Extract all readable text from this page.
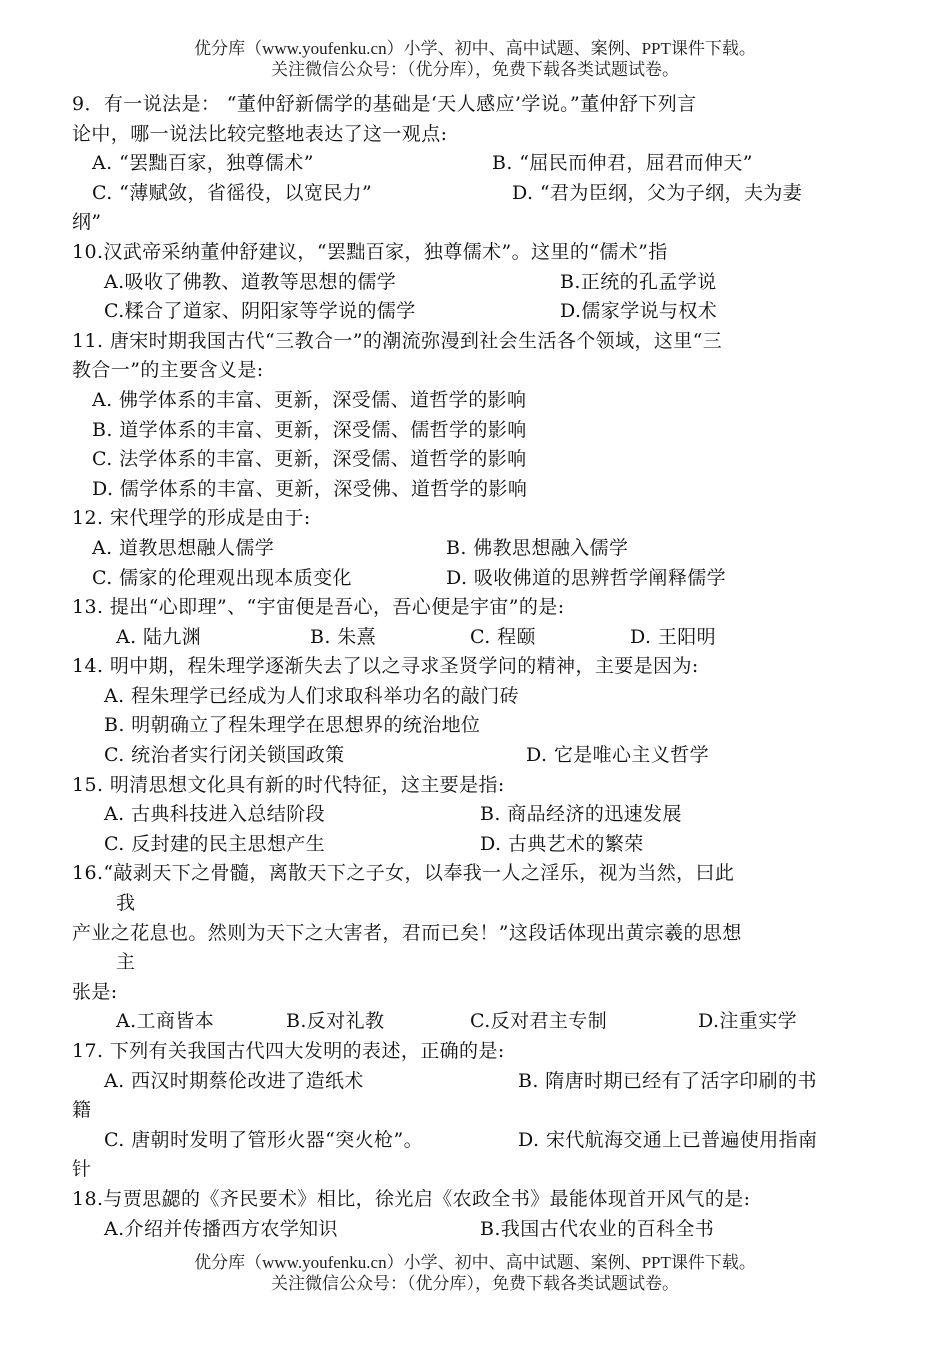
优分库（www.youfenku.cn）小学、初中、高中试题、案例、PPT课件下载。
关注微信公众号：（优分库），免费下载各类试题试卷。
9．有一说法是： “董仲舒新儒学的基础是‘天人感应’学说。”董仲舒下列言
论中，哪一说法比较完整地表达了这一观点:
A. “罢黜百家，独尊儒术”	B. “屈民而伸君，屈君而伸天”
C. “薄赋敛，省徭役，以宽民力”	D. “君为臣纲，父为子纲，夫为妻
纲”
10.汉武帝采纳董仲舒建议，“罢黜百家，独尊儒术”。这里的“儒术”指
A.吸收了佛教、道教等思想的儒学	B.正统的孔孟学说
C.糅合了道家、阴阳家等学说的儒学	D.儒家学说与权术
11. 唐宋时期我国古代“三教合一”的潮流弥漫到社会生活各个领域，这里“三
教合一”的主要含义是:
A. 佛学体系的丰富、更新，深受儒、道哲学的影响
B. 道学体系的丰富、更新，深受儒、儒哲学的影响
C. 法学体系的丰富、更新，深受儒、道哲学的影响
D. 儒学体系的丰富、更新，深受佛、道哲学的影响
12. 宋代理学的形成是由于:
A. 道教思想融人儒学	B. 佛教思想融入儒学
C. 儒家的伦理观出现本质变化	D. 吸收佛道的思辨哲学阐释儒学
13. 提出“心即理”、“宇宙便是吾心，吾心便是宇宙”的是:
A. 陆九渊	B. 朱熹	C. 程颐	D. 王阳明
14. 明中期，程朱理学逐渐失去了以之寻求圣贤学问的精神，主要是因为:
A. 程朱理学已经成为人们求取科举功名的敲门砖
B. 明朝确立了程朱理学在思想界的统治地位
C. 统治者实行闭关锁国政策	D. 它是唯心主义哲学
15. 明清思想文化具有新的时代特征，这主要是指:
A. 古典科技进入总结阶段	B. 商品经济的迅速发展
C. 反封建的民主思想产生	D. 古典艺术的繁荣
16.“敲剥天下之骨髓，离散天下之子女，以奉我一人之淫乐，视为当然，曰此
我
产业之花息也。然则为天下之大害者，君而已矣！”这段话体现出黄宗羲的思想
主
张是:
A.工商皆本	B.反对礼教	C.反对君主专制	D.注重实学
17. 下列有关我国古代四大发明的表述，正确的是:
A. 西汉时期蔡伦改进了造纸术	B. 隋唐时期已经有了活字印刷的书
籍
C. 唐朝时发明了管形火器“突火枪”。	D. 宋代航海交通上已普遍使用指南
针
18.与贾思勰的《齐民要术》相比，徐光启《农政全书》最能体现首开风气的是:
A.介绍并传播西方农学知识	B.我国古代农业的百科全书
优分库（www.youfenku.cn）小学、初中、高中试题、案例、PPT课件下载。
关注微信公众号：（优分库），免费下载各类试题试卷。
